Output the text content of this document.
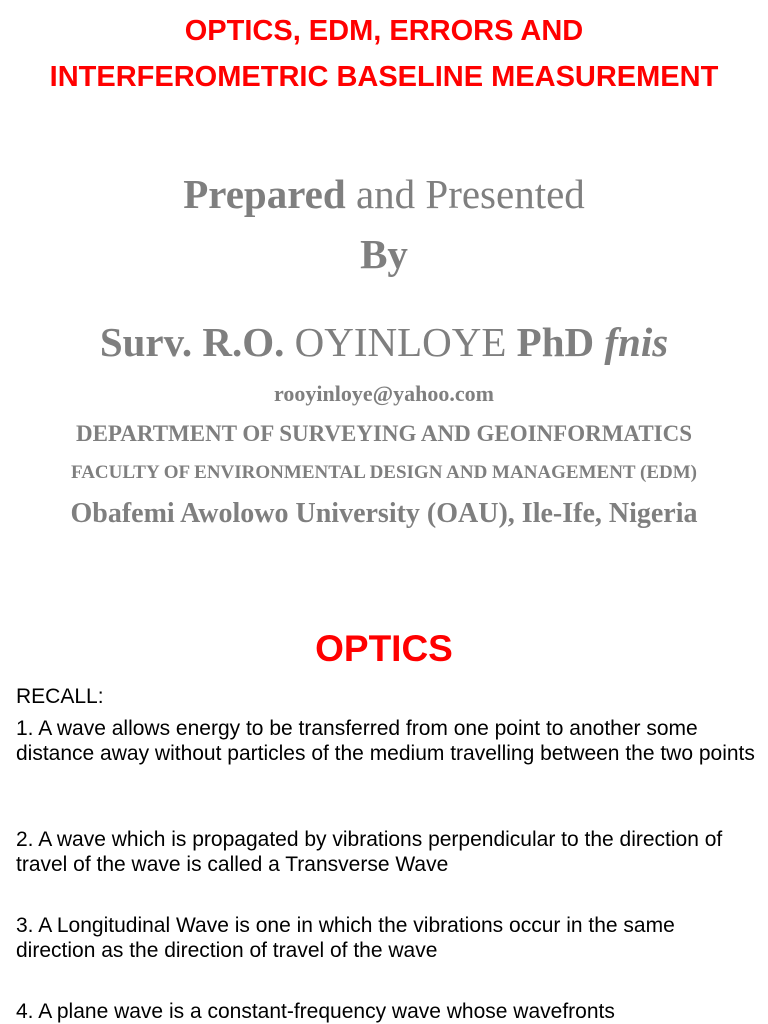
OPTICS, EDM, ERRORS AND
INTERFEROMETRIC BASELINE MEASUREMENT
Prepared and Presented
By
Surv. R.O. OYINLOYE PhD fnis
rooyinloye@yahoo.com
DEPARTMENT OF SURVEYING AND GEOINFORMATICS
FACULTY OF ENVIRONMENTAL DESIGN AND MANAGEMENT (EDM)
Obafemi Awolowo University (OAU), Ile-Ife, Nigeria
OPTICS
RECALL:
1. A wave allows energy to be transferred from one point to another some distance away without particles of the medium travelling between the two points
2. A wave which is propagated by vibrations perpendicular to the direction of travel of the wave is called a Transverse Wave
3. A Longitudinal Wave is one in which the vibrations occur in the same direction as the direction of travel of the wave
4. A plane wave is a constant-frequency wave whose wavefronts
